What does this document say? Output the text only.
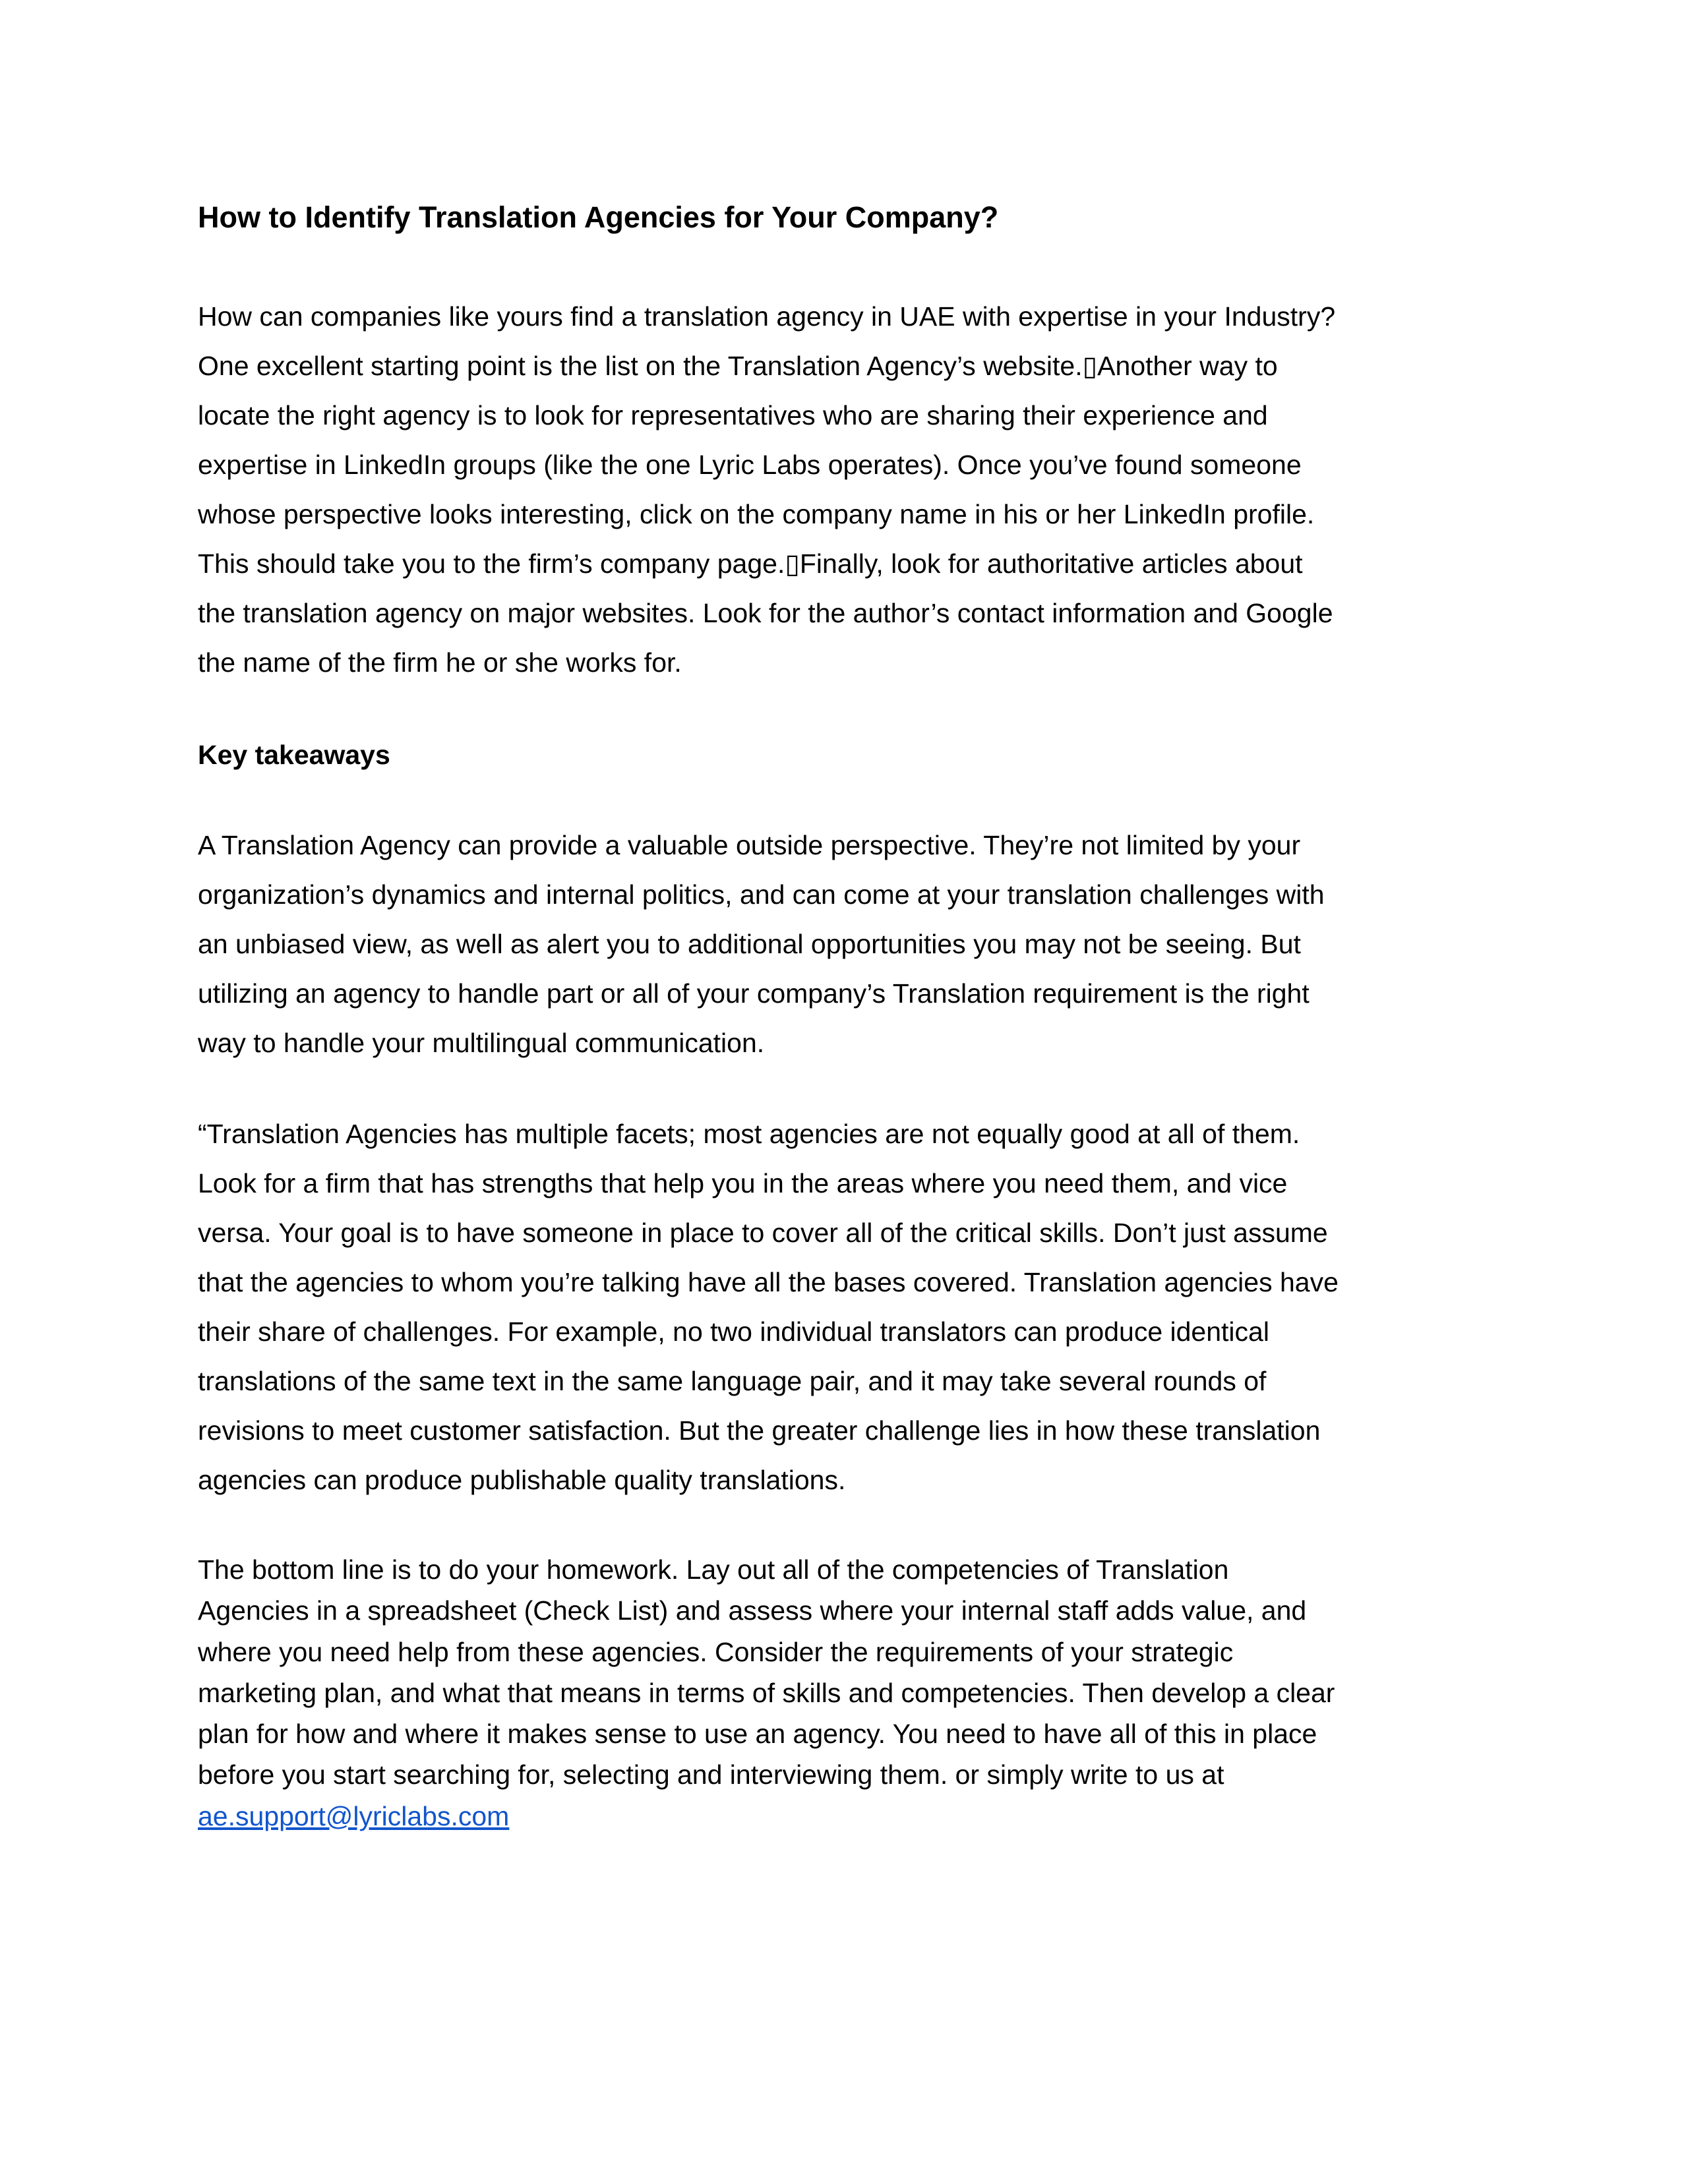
How to Identify Translation Agencies for Your Company?

How can companies like yours find a translation agency in UAE with expertise in your Industry?
One excellent starting point is the list on the Translation Agency’s website.▯Another way to
locate the right agency is to look for representatives who are sharing their experience and
expertise in LinkedIn groups (like the one Lyric Labs operates). Once you’ve found someone
whose perspective looks interesting, click on the company name in his or her LinkedIn profile.
This should take you to the firm’s company page.▯Finally, look for authoritative articles about
the translation agency on major websites. Look for the author’s contact information and Google
the name of the firm he or she works for.

Key takeaways

A Translation Agency can provide a valuable outside perspective. They’re not limited by your
organization’s dynamics and internal politics, and can come at your translation challenges with
an unbiased view, as well as alert you to additional opportunities you may not be seeing. But
utilizing an agency to handle part or all of your company’s Translation requirement is the right
way to handle your multilingual communication.

“Translation Agencies has multiple facets; most agencies are not equally good at all of them.
Look for a firm that has strengths that help you in the areas where you need them, and vice
versa. Your goal is to have someone in place to cover all of the critical skills. Don’t just assume
that the agencies to whom you’re talking have all the bases covered. Translation agencies have
their share of challenges. For example, no two individual translators can produce identical
translations of the same text in the same language pair, and it may take several rounds of
revisions to meet customer satisfaction. But the greater challenge lies in how these translation
agencies can produce publishable quality translations.

The bottom line is to do your homework. Lay out all of the competencies of Translation
Agencies in a spreadsheet (Check List) and assess where your internal staff adds value, and
where you need help from these agencies. Consider the requirements of your strategic
marketing plan, and what that means in terms of skills and competencies. Then develop a clear
plan for how and where it makes sense to use an agency. You need to have all of this in place
before you start searching for, selecting and interviewing them. or simply write to us at
ae.support@lyriclabs.com
